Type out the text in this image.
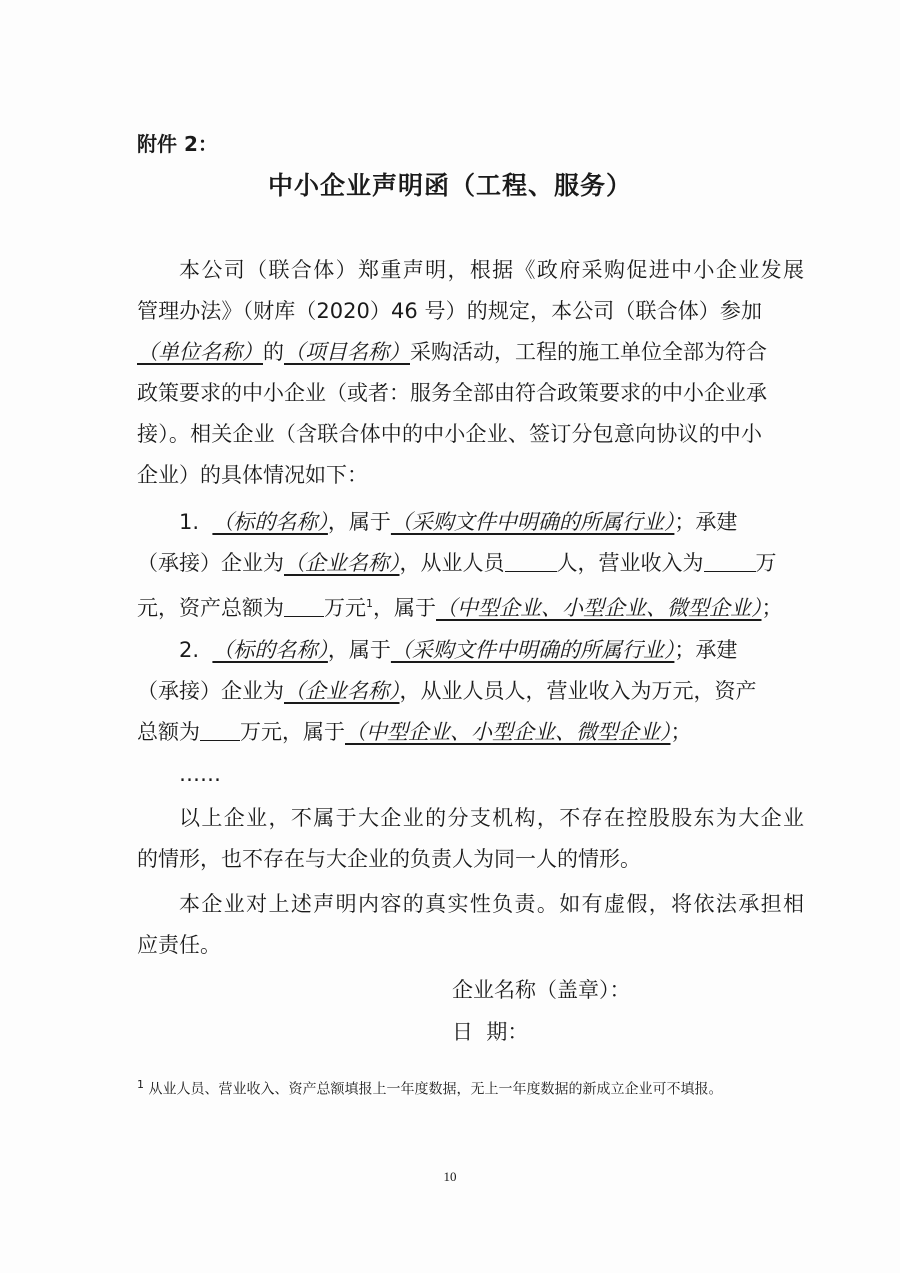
附件 2：
中小企业声明函（工程、服务）
本公司（联合体）郑重声明，根据《政府采购促进中小企业发展
管理办法》（财库（2020）46 号）的规定，本公司（联合体）参加
（单位名称）的（项目名称）采购活动，工程的施工单位全部为符合
政策要求的中小企业（或者：服务全部由符合政策要求的中小企业承
接）。相关企业（含联合体中的中小企业、签订分包意向协议的中小
企业）的具体情况如下：
1. （标的名称），属于（采购文件中明确的所属行业）；承建
（承接）企业为（企业名称），从业人员 人，营业收入为 万
元，资产总额为 万元$^1$，属于（中型企业、小型企业、微型企业）；
2. （标的名称），属于（采购文件中明确的所属行业）；承建
（承接）企业为（企业名称），从业人员人，营业收入为万元，资产
总额为 万元，属于（中型企业、小型企业、微型企业）；
……
以上企业，不属于大企业的分支机构，不存在控股股东为大企业
的情形，也不存在与大企业的负责人为同一人的情形。
本企业对上述声明内容的真实性负责。如有虚假，将依法承担相
应责任。
企业名称（盖章）：
日  期：
$^1$ 从业人员、营业收入、资产总额填报上一年度数据，无上一年度数据的新成立企业可不填报。
10
